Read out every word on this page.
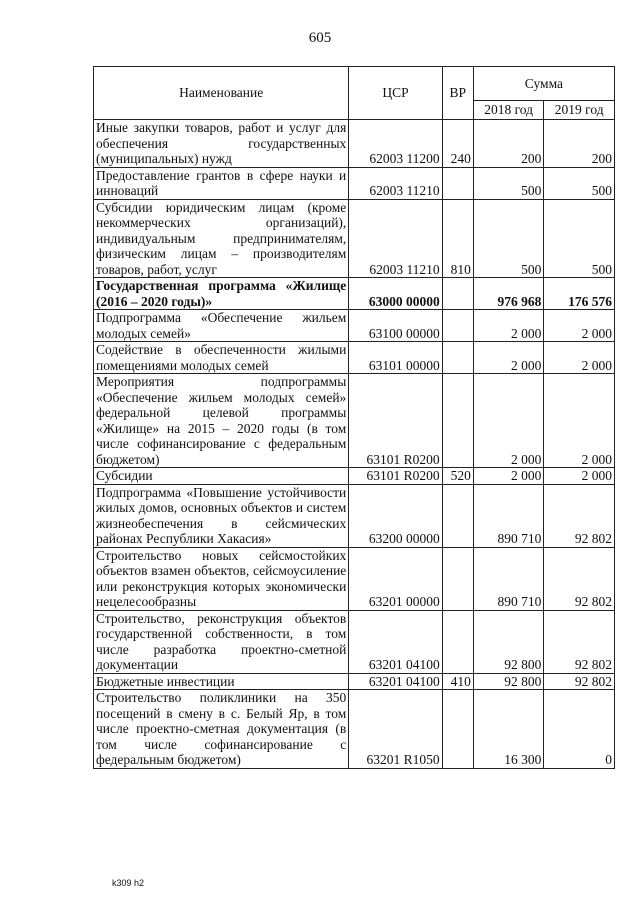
605
Наименование	ЦСР	ВР	Сумма	
			2018 год	2019 год
Иные закупки товаров, работ и услуг для обеспечения государственных (муниципальных) нужд	62003 11200	240	200	200
Предоставление грантов в сфере науки и инноваций	62003 11210		500	500
Субсидии юридическим лицам (кроме некоммерческих организаций), индивидуальным предпринимателям, физическим лицам – производителям товаров, работ, услуг	62003 11210	810	500	500
Государственная программа «Жилище (2016 – 2020 годы)»	63000 00000		976 968	176 576
Подпрограмма «Обеспечение жильем молодых семей»	63100 00000		2 000	2 000
Содействие в обеспеченности жилыми помещениями молодых семей	63101 00000		2 000	2 000
Мероприятия подпрограммы «Обеспечение жильем молодых семей» федеральной целевой программы «Жилище» на 2015 – 2020 годы (в том числе софинансирование с федеральным бюджетом)	63101 R0200		2 000	2 000
Субсидии	63101 R0200	520	2 000	2 000
Подпрограмма «Повышение устойчивости жилых домов, основных объектов и систем жизнеобеспечения в сейсмических районах Республики Хакасия»	63200 00000		890 710	92 802
Строительство новых сейсмостойких объектов взамен объектов, сейсмоусиление или реконструкция которых экономически нецелесообразны	63201 00000		890 710	92 802
Строительство, реконструкция объектов государственной собственности, в том числе разработка проектно-сметной документации	63201 04100		92 800	92 802
Бюджетные инвестиции	63201 04100	410	92 800	92 802
Строительство поликлиники на 350 посещений в смену в с. Белый Яр, в том числе проектно-сметная документация (в том числе софинансирование с федеральным бюджетом)	63201 R1050		16 300	0
k309 h2
